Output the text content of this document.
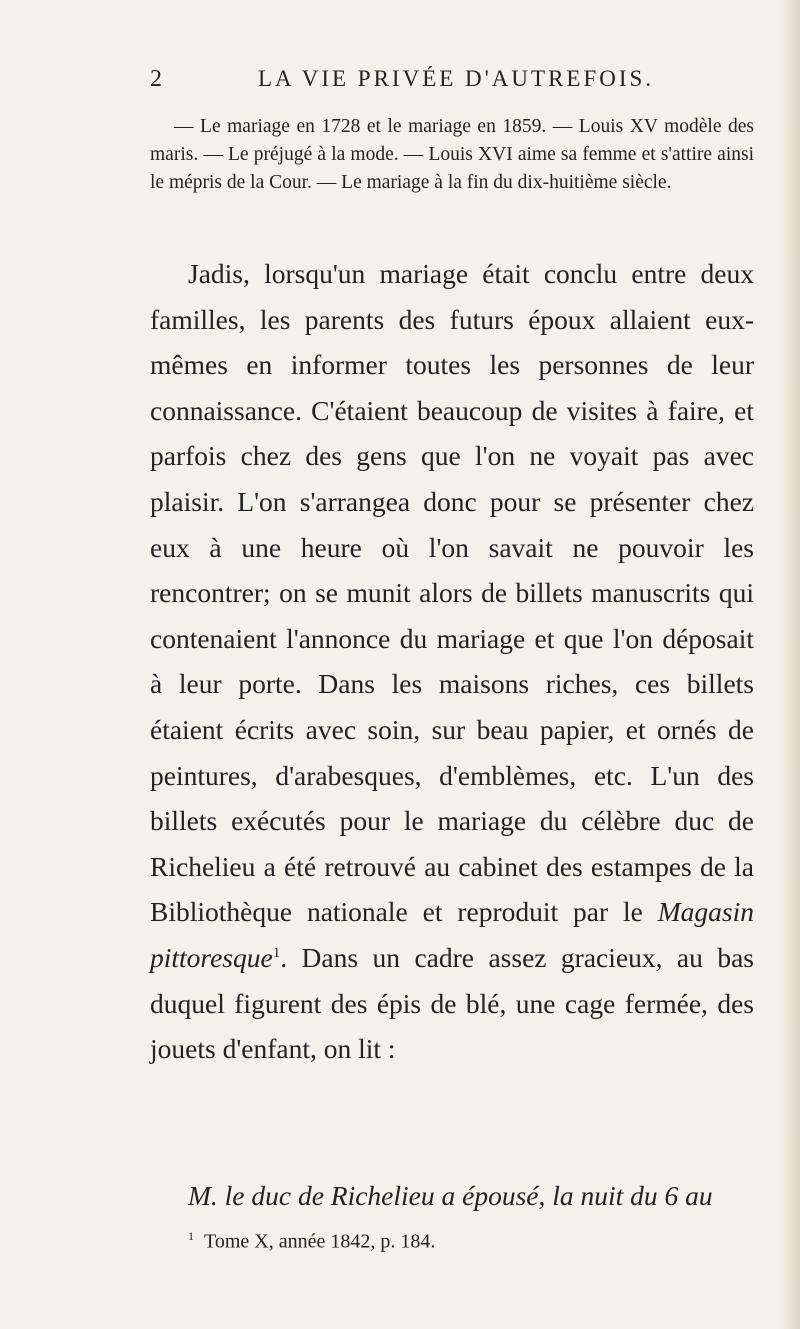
2	LA VIE PRIVÉE D'AUTREFOIS.

— Le mariage en 1728 et le mariage en 1859. — Louis XV modèle des maris. — Le préjugé à la mode. — Louis XVI aime sa femme et s'attire ainsi le mépris de la Cour. — Le mariage à la fin du dix-huitième siècle.

Jadis, lorsqu'un mariage était conclu entre deux familles, les parents des futurs époux allaient eux-mêmes en informer toutes les personnes de leur connaissance. C'étaient beaucoup de visites à faire, et parfois chez des gens que l'on ne voyait pas avec plaisir. L'on s'arrangea donc pour se présenter chez eux à une heure où l'on savait ne pouvoir les rencontrer; on se munit alors de billets manuscrits qui contenaient l'annonce du mariage et que l'on déposait à leur porte. Dans les maisons riches, ces billets étaient écrits avec soin, sur beau papier, et ornés de peintures, d'arabesques, d'emblèmes, etc. L'un des billets exécutés pour le mariage du célèbre duc de Richelieu a été retrouvé au cabinet des estampes de la Bibliothèque nationale et reproduit par le Magasin pittoresque$^1$. Dans un cadre assez gracieux, au bas duquel figurent des épis de blé, une cage fermée, des jouets d'enfant, on lit :

M. le duc de Richelieu a épousé, la nuit du 6 au

$^1$ Tome X, année 1842, p. 184.
